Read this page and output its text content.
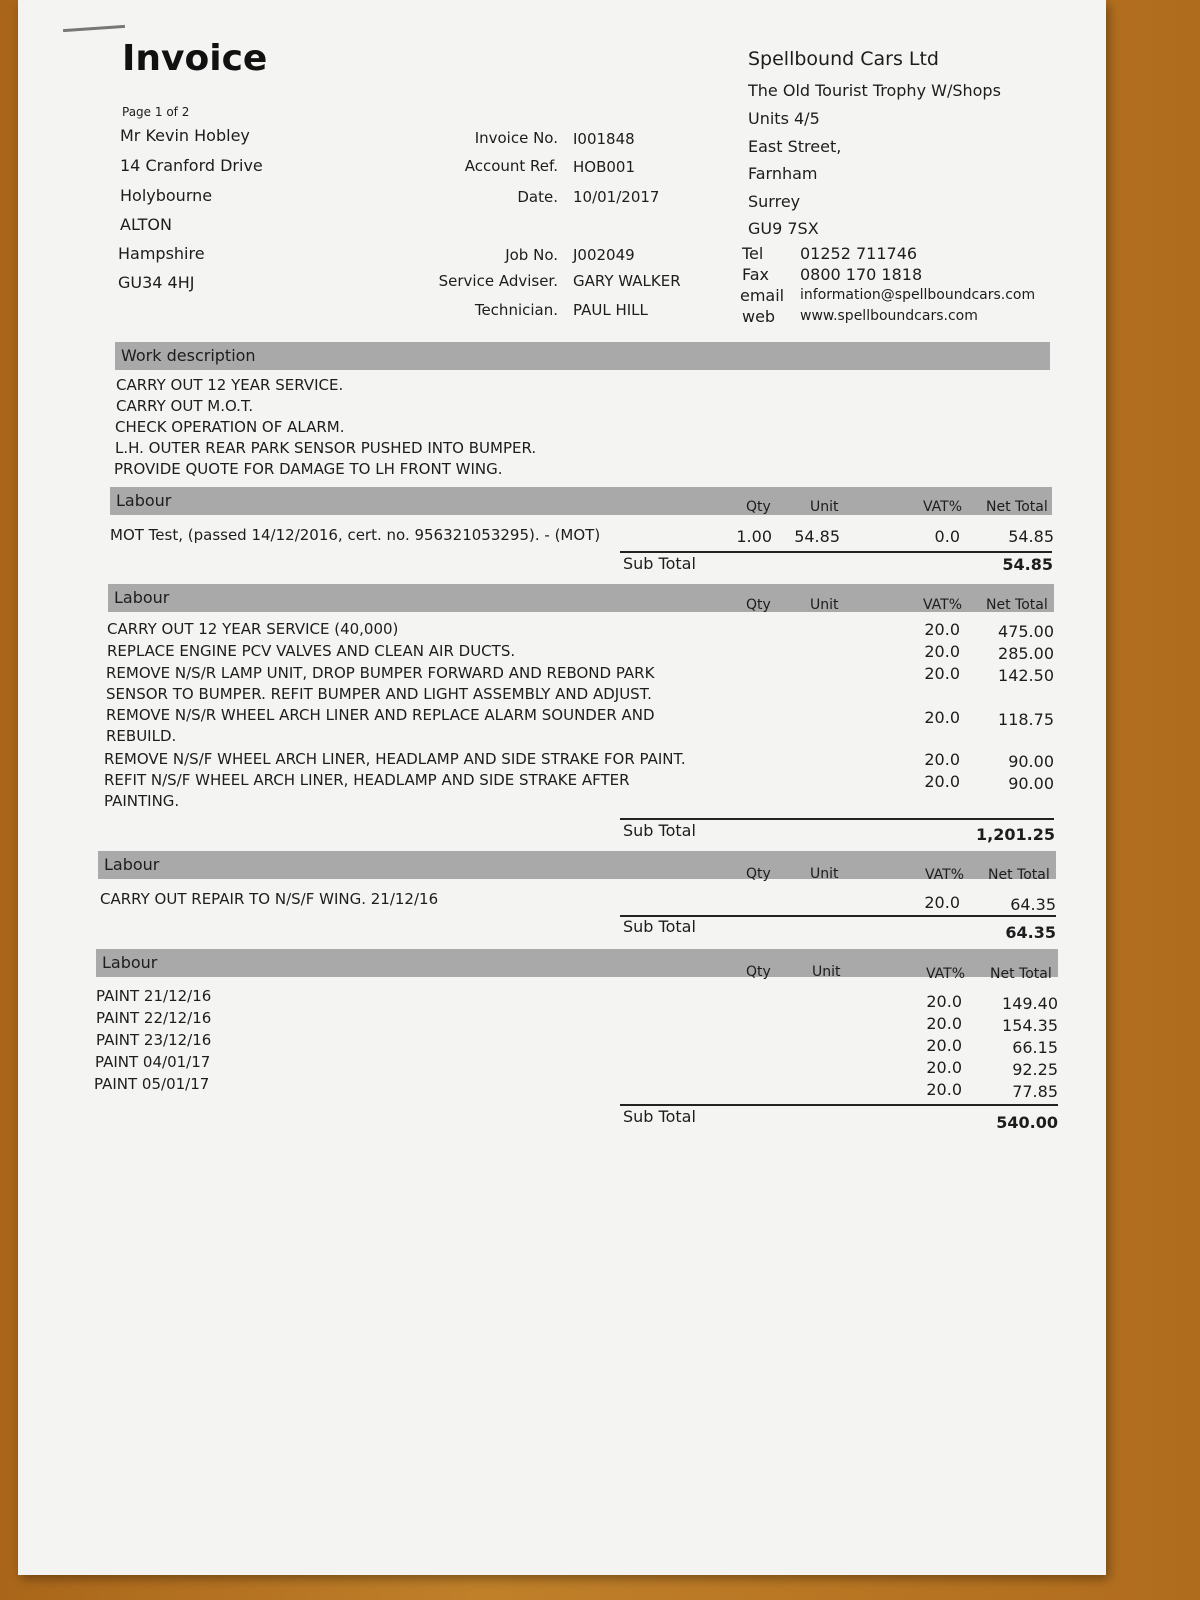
Invoice
Page 1 of 2
Mr Kevin Hobley
14 Cranford Drive
Holybourne
ALTON
Hampshire
GU34 4HJ
Invoice No. I001848
Account Ref. HOB001
Date. 10/01/2017
Job No. J002049
Service Adviser. GARY WALKER
Technician. PAUL HILL
Spellbound Cars Ltd
The Old Tourist Trophy W/Shops
Units 4/5
East Street,
Farnham
Surrey
GU9 7SX
Tel 01252 711746
Fax 0800 170 1818
email information@spellboundcars.com
web www.spellboundcars.com
Work description
CARRY OUT 12 YEAR SERVICE.
CARRY OUT M.O.T.
CHECK OPERATION OF ALARM.
L.H. OUTER REAR PARK SENSOR PUSHED INTO BUMPER.
PROVIDE QUOTE FOR DAMAGE TO LH FRONT WING.
Labour	Qty	Unit	VAT% Net Total
MOT Test, (passed 14/12/2016, cert. no. 956321053295). - (MOT)	1.00	54.85	0.0	54.85
Sub Total	54.85
Labour	Qty	Unit	VAT% Net Total
CARRY OUT 12 YEAR SERVICE (40,000)	20.0	475.00
REPLACE ENGINE PCV VALVES AND CLEAN AIR DUCTS.	20.0	285.00
REMOVE N/S/R LAMP UNIT, DROP BUMPER FORWARD AND REBOND PARK
SENSOR TO BUMPER. REFIT BUMPER AND LIGHT ASSEMBLY AND ADJUST.
20.0	142.50
REMOVE N/S/R WHEEL ARCH LINER AND REPLACE ALARM SOUNDER AND
REBUILD.
20.0	118.75
REMOVE N/S/F WHEEL ARCH LINER, HEADLAMP AND SIDE STRAKE FOR PAINT.	20.0	90.00
REFIT N/S/F WHEEL ARCH LINER, HEADLAMP AND SIDE STRAKE AFTER
PAINTING.
20.0	90.00
Sub Total	1,201.25
Labour	Qty	Unit	VAT% Net Total
CARRY OUT REPAIR TO N/S/F WING. 21/12/16	20.0	64.35
Sub Total	64.35
Labour	Qty	Unit	VAT% Net Total
PAINT 21/12/16	20.0	149.40
PAINT 22/12/16	20.0	154.35
PAINT 23/12/16	20.0	66.15
PAINT 04/01/17	20.0	92.25
PAINT 05/01/17	20.0	77.85
Sub Total	540.00
